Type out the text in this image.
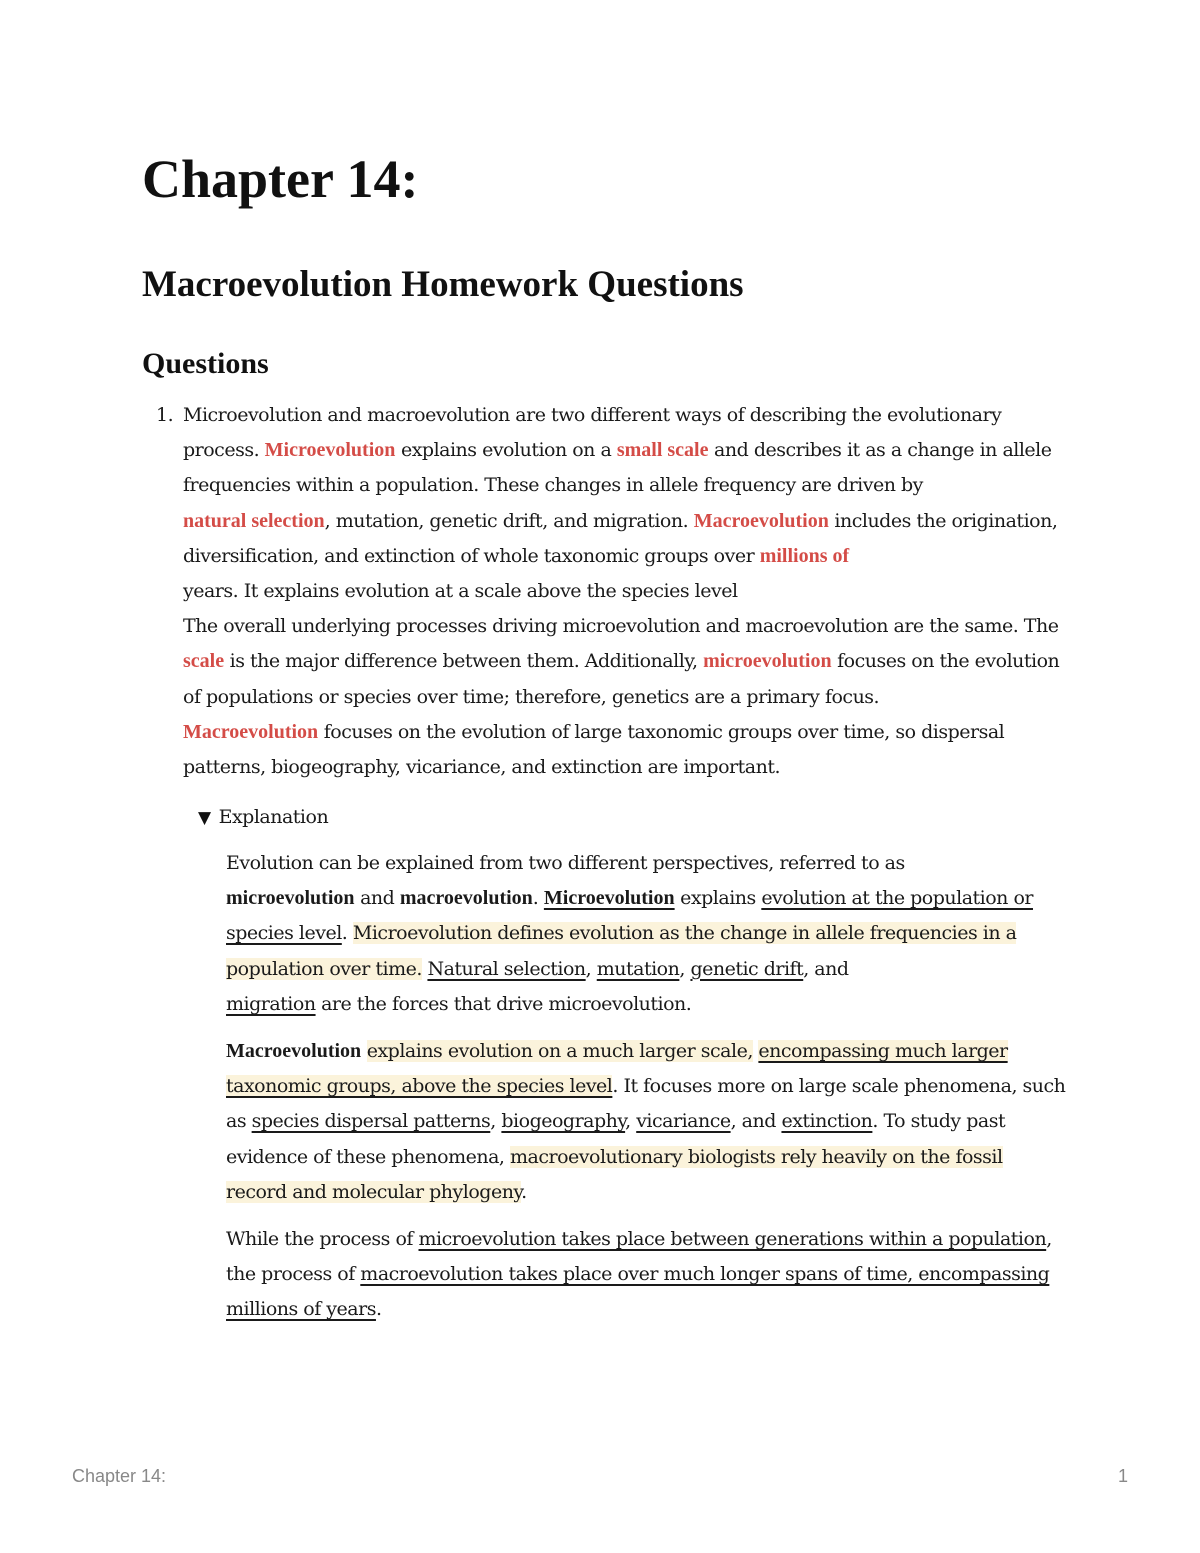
Chapter 14:
Macroevolution Homework Questions
Questions
1. Microevolution and macroevolution are two different ways of describing the evolutionary process. Microevolution explains evolution on a small scale and describes it as a change in allele frequencies within a population. These changes in allele frequency are driven by
natural selection, mutation, genetic drift, and migration. Macroevolution includes the origination, diversification, and extinction of whole taxonomic groups over millions of
years. It explains evolution at a scale above the species level
The overall underlying processes driving microevolution and macroevolution are the same. The scale is the major difference between them. Additionally, microevolution focuses on the evolution of populations or species over time; therefore, genetics are a primary focus.
Macroevolution focuses on the evolution of large taxonomic groups over time, so dispersal patterns, biogeography, vicariance, and extinction are important.
▼ Explanation

Evolution can be explained from two different perspectives, referred to as
microevolution and macroevolution. Microevolution explains evolution at the population or species level. Microevolution defines evolution as the change in allele frequencies in a population over time. Natural selection, mutation, genetic drift, and
migration are the forces that drive microevolution.

Macroevolution explains evolution on a much larger scale, encompassing much larger taxonomic groups, above the species level. It focuses more on large scale phenomena, such as species dispersal patterns, biogeography, vicariance, and extinction. To study past evidence of these phenomena, macroevolutionary biologists rely heavily on the fossil record and molecular phylogeny.

While the process of microevolution takes place between generations within a population, the process of macroevolution takes place over much longer spans of time, encompassing millions of years.

Chapter 14:	1
